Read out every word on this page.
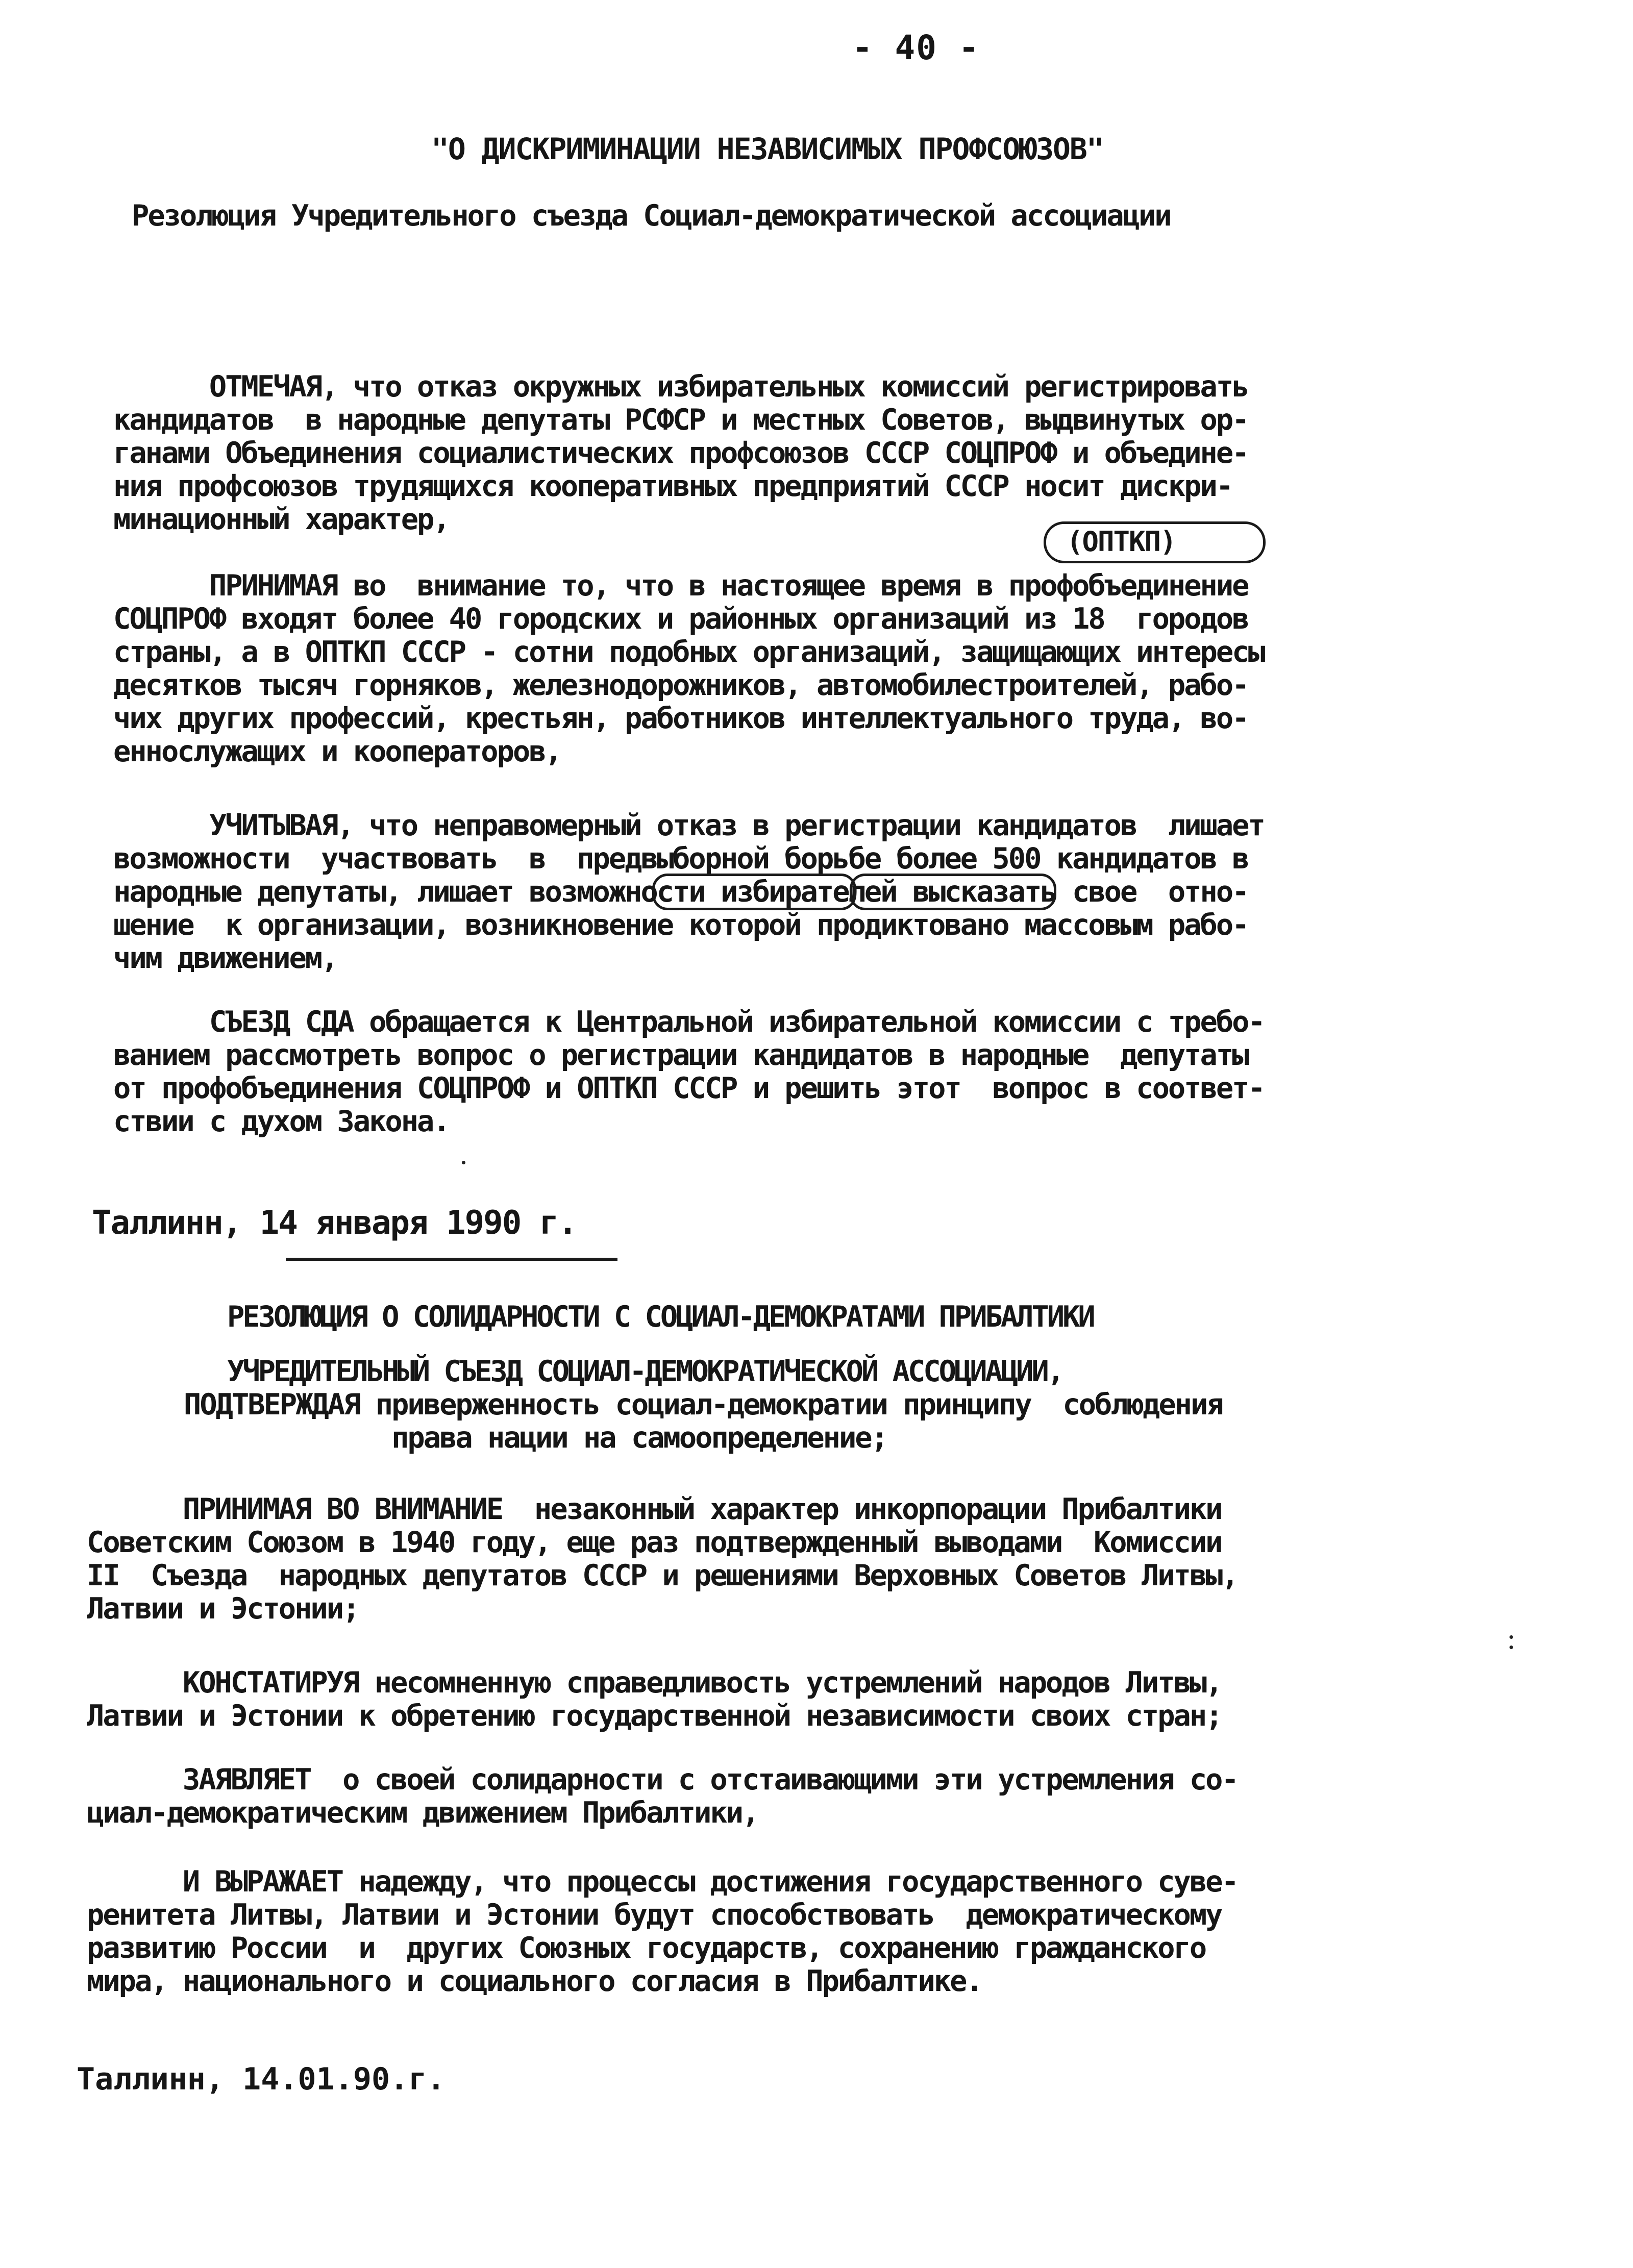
- 40 -
"О ДИСКРИМИНАЦИИ НЕЗАВИСИМЫХ ПРОФСОЮЗОВ"
Резолюция Учредительного съезда Социал-демократической ассоциации
ОТМЕЧАЯ, что отказ окружных избирательных комиссий регистрировать
кандидатов  в народные депутаты РСФСР и местных Советов, выдвинутых ор-
ганами Объединения социалистических профсоюзов СССР СОЦПРОФ и объедине-
ния профсоюзов трудящихся кооперативных предприятий СССР носит дискри-
минационный характер,
(ОПТКП)
ПРИНИМАЯ во  внимание то, что в настоящее время в профобъединение
СОЦПРОФ входят более 40 городских и районных организаций из 18  городов
страны, а в ОПТКП СССР - сотни подобных организаций, защищающих интересы
десятков тысяч горняков, железнодорожников, автомобилестроителей, рабо-
чих других профессий, крестьян, работников интеллектуального труда, во-
еннослужащих и кооператоров,
УЧИТЫВАЯ, что неправомерный отказ в регистрации кандидатов  лишает
возможности  участвовать  в  предвыборной борьбе более 500 кандидатов в
народные депутаты, лишает возможности избирателей высказать свое  отно-
шение  к организации, возникновение которой продиктовано массовым рабо-
чим движением,
СЪЕЗД СДА обращается к Центральной избирательной комиссии с требо-
ванием рассмотреть вопрос о регистрации кандидатов в народные  депутаты
от профобъединения СОЦПРОФ и ОПТКП СССР и решить этот  вопрос в соответ-
ствии с духом Закона.
Таллинн, 14 января 1990 г.
РЕЗОЛЮЦИЯ О СОЛИДАРНОСТИ С СОЦИАЛ-ДЕМОКРАТАМИ ПРИБАЛТИКИ
УЧРЕДИТЕЛЬНЫЙ СЪЕЗД СОЦИАЛ-ДЕМОКРАТИЧЕСКОЙ АССОЦИАЦИИ,
ПОДТВЕРЖДАЯ приверженность социал-демократии принципу  соблюдения
права нации на самоопределение;
ПРИНИМАЯ ВО ВНИМАНИЕ  незаконный характер инкорпорации Прибалтики
Советским Союзом в 1940 году, еще раз подтвержденный выводами  Комиссии
II  Съезда  народных депутатов СССР и решениями Верховных Советов Литвы,
Латвии и Эстонии;
КОНСТАТИРУЯ несомненную справедливость устремлений народов Литвы,
Латвии и Эстонии к обретению государственной независимости своих стран;
ЗАЯВЛЯЕТ  о своей солидарности с отстаивающими эти устремления со-
циал-демократическим движением Прибалтики,
И ВЫРАЖАЕТ надежду, что процессы достижения государственного суве-
ренитета Литвы, Латвии и Эстонии будут способствовать  демократическому
развитию России  и  других Союзных государств, сохранению гражданского
мира, национального и социального согласия в Прибалтике.
Таллинн, 14.01.90.г.
